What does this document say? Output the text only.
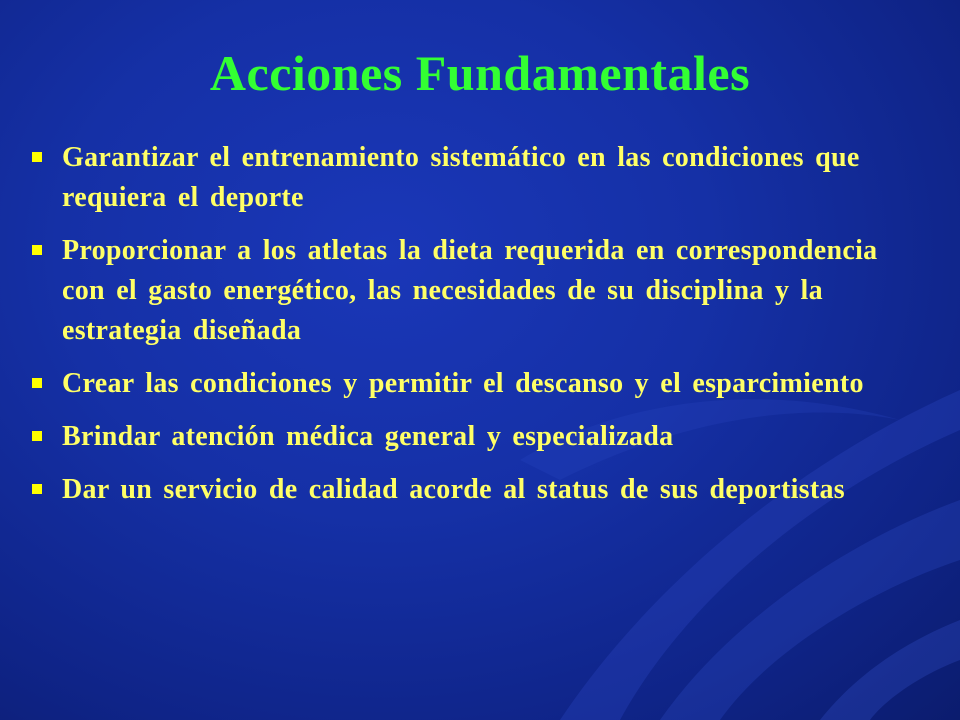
Acciones Fundamentales
Garantizar el entrenamiento sistemático en las condiciones que requiera el deporte
Proporcionar a los atletas la dieta requerida en correspondencia con el gasto energético, las necesidades de su disciplina y la estrategia diseñada
Crear las condiciones y permitir el descanso y el esparcimiento
Brindar atención médica general y especializada
Dar un servicio de calidad acorde al status de sus deportistas
